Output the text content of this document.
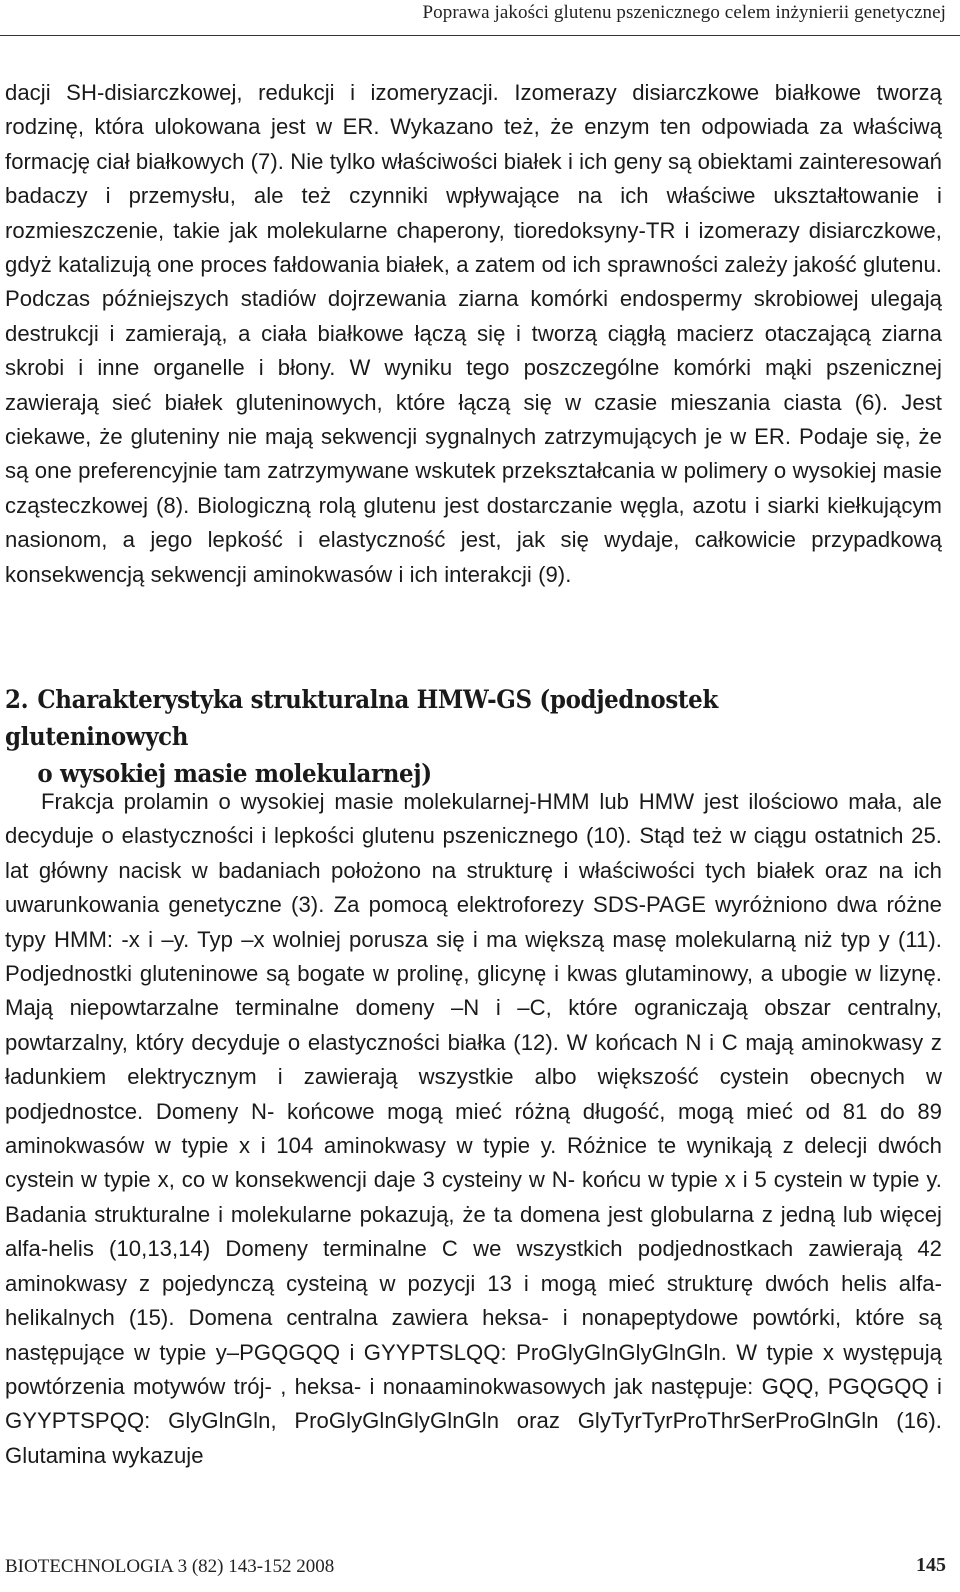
Poprawa jakości glutenu pszenicznego celem inżynierii genetycznej

dacji SH-disiarczkowej, redukcji i izomeryzacji. Izomerazy disiarczkowe białkowe tworzą rodzinę, która ulokowana jest w ER. Wykazano też, że enzym ten odpowiada za właściwą formację ciał białkowych (7). Nie tylko właściwości białek i ich geny są obiektami zainteresowań badaczy i przemysłu, ale też czynniki wpływające na ich właściwe ukształtowanie i rozmieszczenie, takie jak molekularne chaperony, tioredoksyny-TR i izomerazy disiarczkowe, gdyż katalizują one proces fałdowania białek, a zatem od ich sprawności zależy jakość glutenu. Podczas późniejszych stadiów dojrzewania ziarna komórki endospermy skrobiowej ulegają destrukcji i zamierają, a ciała białkowe łączą się i tworzą ciągłą macierz otaczającą ziarna skrobi i inne organelle i błony. W wyniku tego poszczególne komórki mąki pszenicznej zawierają sieć białek gluteninowych, które łączą się w czasie mieszania ciasta (6). Jest ciekawe, że gluteniny nie mają sekwencji sygnalnych zatrzymujących je w ER. Podaje się, że są one preferencyjnie tam zatrzymywane wskutek przekształcania w polimery o wysokiej masie cząsteczkowej (8). Biologiczną rolą glutenu jest dostarczanie węgla, azotu i siarki kiełkującym nasionom, a jego lepkość i elastyczność jest, jak się wydaje, całkowicie przypadkową konsekwencją sekwencji aminokwasów i ich interakcji (9).

2. Charakterystyka strukturalna HMW-GS (podjednostek gluteninowych
o wysokiej masie molekularnej)

Frakcja prolamin o wysokiej masie molekularnej-HMM lub HMW jest ilościowo mała, ale decyduje o elastyczności i lepkości glutenu pszenicznego (10). Stąd też w ciągu ostatnich 25. lat główny nacisk w badaniach położono na strukturę i właściwości tych białek oraz na ich uwarunkowania genetyczne (3). Za pomocą elektroforezy SDS-PAGE wyróżniono dwa różne typy HMM: -x i –y. Typ –x wolniej porusza się i ma większą masę molekularną niż typ y (11). Podjednostki gluteninowe są bogate w prolinę, glicynę i kwas glutaminowy, a ubogie w lizynę. Mają niepowtarzalne terminalne domeny –N i –C, które ograniczają obszar centralny, powtarzalny, który decyduje o elastyczności białka (12). W końcach N i C mają aminokwasy z ładunkiem elektrycznym i zawierają wszystkie albo większość cystein obecnych w podjednostce. Domeny N- końcowe mogą mieć różną długość, mogą mieć od 81 do 89 aminokwasów w typie x i 104 aminokwasy w typie y. Różnice te wynikają z delecji dwóch cystein w typie x, co w konsekwencji daje 3 cysteiny w N- końcu w typie x i 5 cystein w typie y. Badania strukturalne i molekularne pokazują, że ta domena jest globularna z jedną lub więcej alfa-helis (10,13,14) Domeny terminalne C we wszystkich podjednostkach zawierają 42 aminokwasy z pojedynczą cysteiną w pozycji 13 i mogą mieć strukturę dwóch helis alfa-helikalnych (15). Domena centralna zawiera heksa- i nonapeptydowe powtórki, które są następujące w typie y–PGQGQQ i GYYPTSLQQ: ProGlyGlnGlyGlnGln. W typie x występują powtórzenia motywów trój- , heksa- i nonaaminokwasowych jak następuje: GQQ, PGQGQQ i GYYPTSPQQ: GlyGlnGln, ProGlyGlnGlyGlnGln oraz GlyTyrTyrProThrSerProGlnGln (16). Glutamina wykazuje

BIOTECHNOLOGIA 3 (82) 143-152 2008	145
